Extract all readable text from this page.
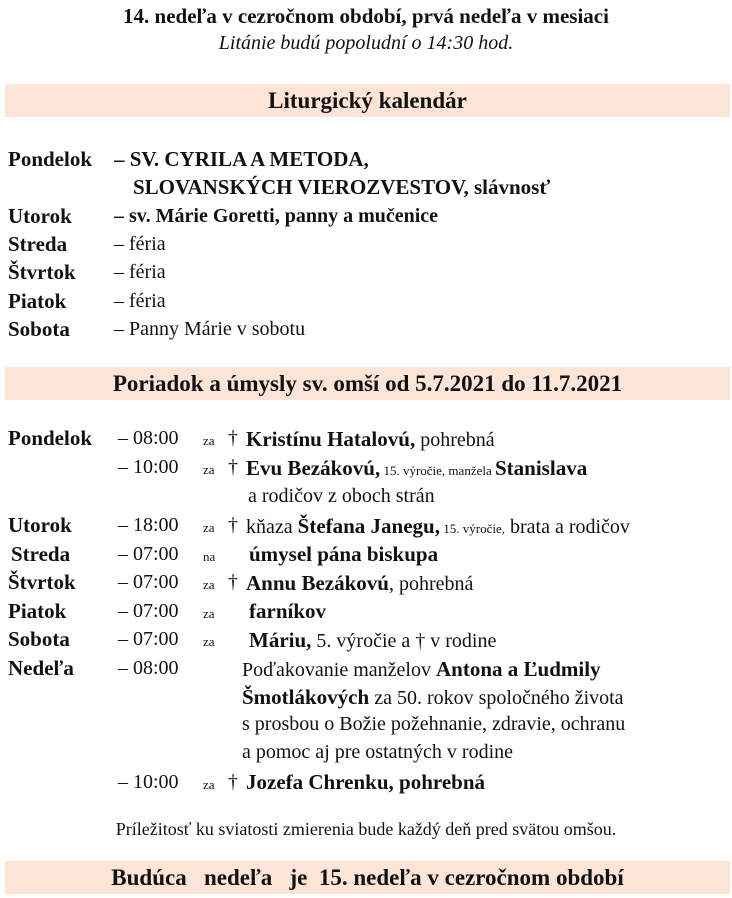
14. nedeľa v cezročnom období, prvá nedeľa v mesiaci
Litánie budú popoludní o 14:30 hod.
Liturgický kalendár
Pondelok – SV. CYRILA A METODA,
SLOVANSKÝCH VIEROZVESTOV, slávnosť
Utorok – sv. Márie Goretti, panny a mučenice
Streda – féria
Štvrtok – féria
Piatok – féria
Sobota – Panny Márie v sobotu
Poriadok a úmysly sv. omší od 5.7.2021 do 11.7.2021
Pondelok – 08:00 za † Kristínu Hatalovú, pohrebná
– 10:00 za † Evu Bezákovú, 15. výročie, manžela Stanislava
a rodičov z oboch strán
Utorok – 18:00 za † kňaza Štefana Janegu, 15. výročie, brata a rodičov
Streda – 07:00 na úmysel pána biskupa
Štvrtok – 07:00 za † Annu Bezákovú, pohrebná
Piatok	– 07:00 za farníkov
Sobota – 07:00 za Máriu, 5. výročie a † v rodine
Nedeľa – 08:00	Poďakovanie manželov Antona a Ľudmily
Šmotlákových za 50. rokov spoločného života
s prosbou o Božie požehnanie, zdravie, ochranu
a pomoc aj pre ostatných v rodine
– 10:00 za † Jozefa Chrenku, pohrebná
Príležitosť ku sviatosti zmierenia bude každý deň pred svätou omšou.
Budúca   nedeľa   je  15. nedeľa v cezročnom období
